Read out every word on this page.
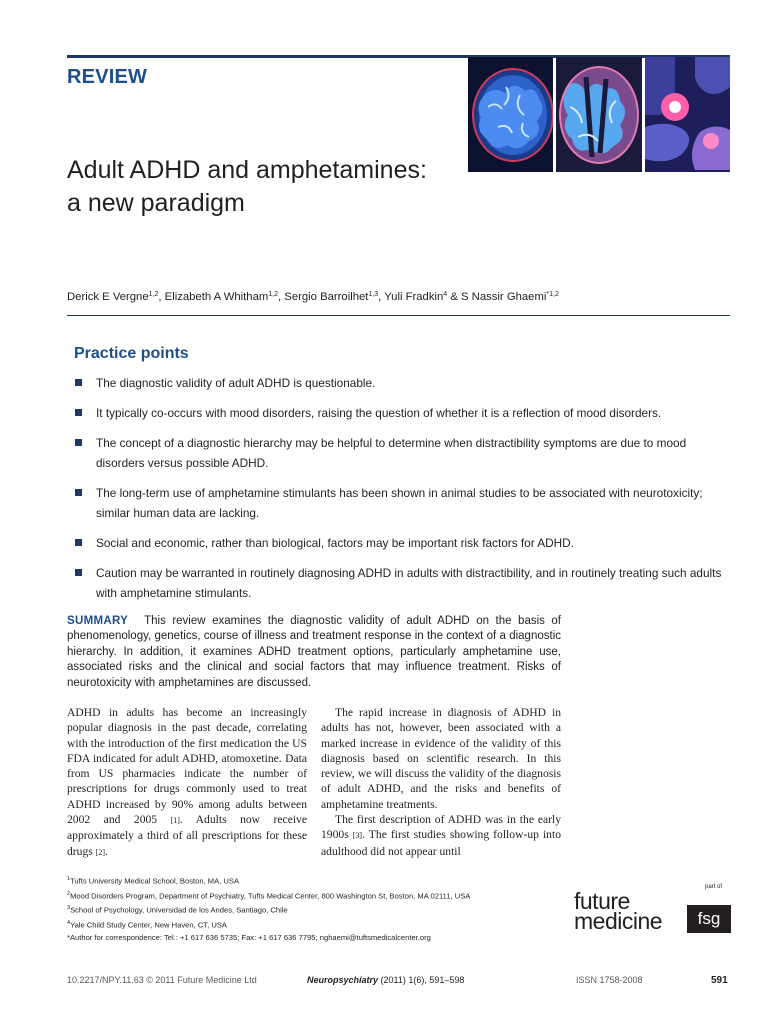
REVIEW
Adult ADHD and amphetamines:
a new paradigm
Derick E Vergne$^{1,2}$, Elizabeth A Whitham$^{1,2}$, Sergio Barroilhet$^{1,3}$, Yuli Fradkin$^4$ & S Nassir Ghaemi$^{*1,2}$
Practice points
The diagnostic validity of adult ADHD is questionable.
It typically co-occurs with mood disorders, raising the question of whether it is a reflection of mood disorders.
The concept of a diagnostic hierarchy may be helpful to determine when distractibility symptoms are due to mood disorders versus possible ADHD.
The long-term use of amphetamine stimulants has been shown in animal studies to be associated with neurotoxicity; similar human data are lacking.
Social and economic, rather than biological, factors may be important risk factors for ADHD.
Caution may be warranted in routinely diagnosing ADHD in adults with distractibility, and in routinely treating such adults with amphetamine stimulants.
SUMMARY This review examines the diagnostic validity of adult ADHD on the basis of phenomenology, genetics, course of illness and treatment response in the context of a diagnostic hierarchy. In addition, it examines ADHD treatment options, particularly amphetamine use, associated risks and the clinical and social factors that may influence treatment. Risks of neurotoxicity with amphetamines are discussed.

ADHD in adults has become an increasingly popular diagnosis in the past decade, correlating with the introduction of the first medication the US FDA indicated for adult ADHD, atomoxetine. Data from US pharmacies indicate the number of prescriptions for drugs commonly used to treat ADHD increased by 90% among adults between 2002 and 2005 [1]. Adults now receive approximately a third of all prescriptions for these drugs [2].

The rapid increase in diagnosis of ADHD in adults has not, however, been associated with a marked increase in evidence of the validity of this diagnosis based on scientific research. In this review, we will discuss the validity of the diagnosis of adult ADHD, and the risks and benefits of amphetamine treatments.

The first description of ADHD was in the early 1900s [3]. The first studies showing follow-up into adulthood did not appear until

$^1$Tufts University Medical School, Boston, MA, USA
$^2$Mood Disorders Program, Department of Psychiatry, Tufts Medical Center, 800 Washington St, Boston, MA 02111, USA
$^3$School of Psychology, Universidad de los Andes, Santiago, Chile
$^4$Yale Child Study Center, New Haven, CT, USA
*Author for correspondence: Tel.: +1 617 636 5735; Fax: +1 617 636 7795; nghaemi@tuftsmedicalcenter.org
part of
future
medicine	fsg
10.2217/NPY.11.63 © 2011 Future Medicine Ltd	Neuropsychiatry (2011) 1(6), 591–598	ISSN 1758-2008	591
